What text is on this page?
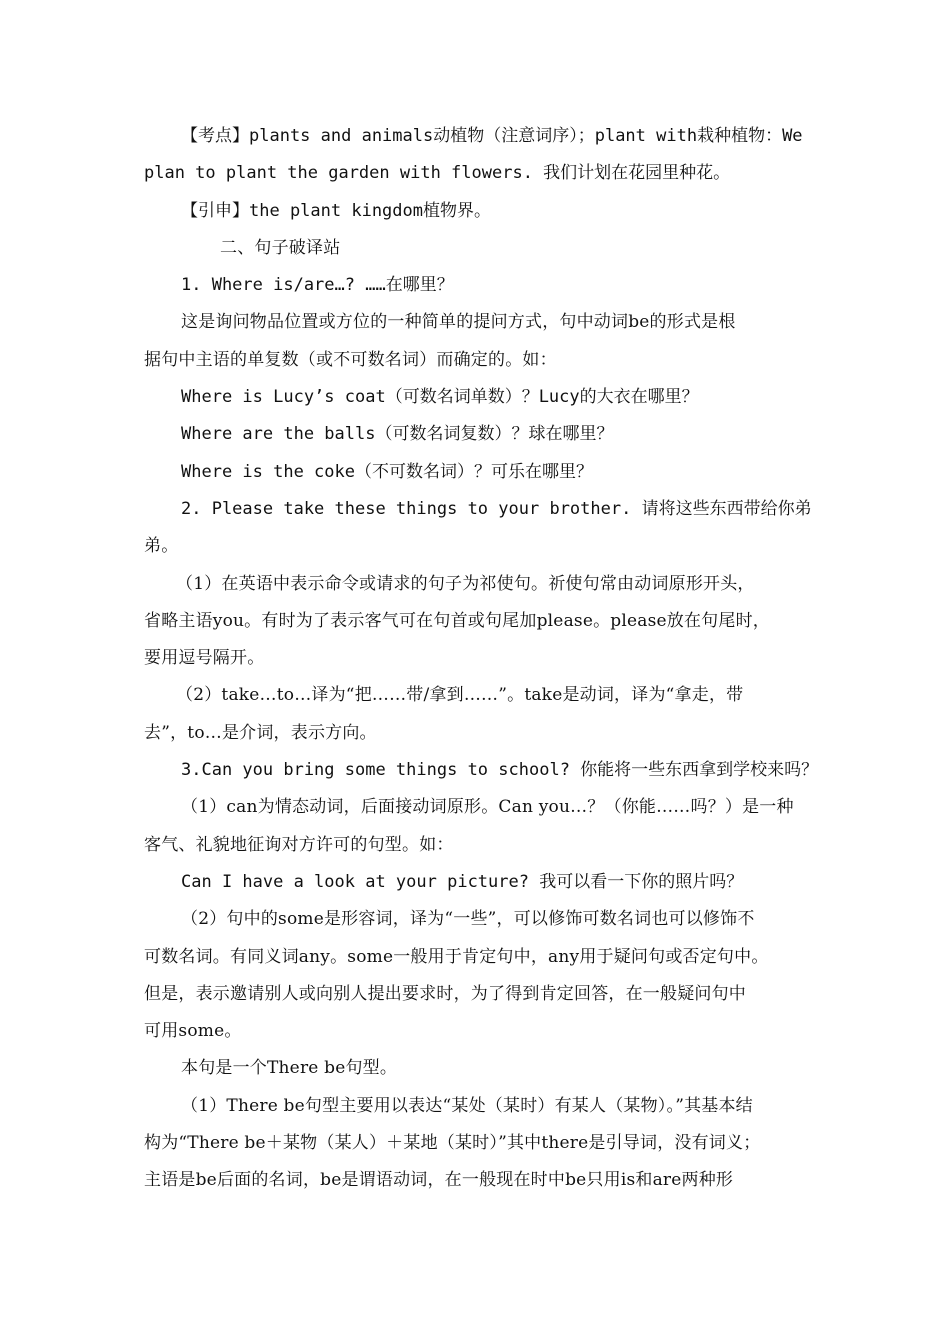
【考点】plants and animals动植物（注意词序）；plant with栽种植物：We
plan to plant the garden with flowers. 我们计划在花园里种花。
【引申】the plant kingdom植物界。
二、句子破译站
1. Where is/are…? ……在哪里？
这是询问物品位置或方位的一种简单的提问方式，句中动词be的形式是根
据句中主语的单复数（或不可数名词）而确定的。如：
Where is Lucy’s coat（可数名词单数）？Lucy的大衣在哪里？
Where are the balls（可数名词复数）？球在哪里？
Where is the coke（不可数名词）？可乐在哪里？
2. Please take these things to your brother. 请将这些东西带给你弟
弟。
（1）在英语中表示命令或请求的句子为祁使句。祈使句常由动词原形开头，
省略主语you。有时为了表示客气可在句首或句尾加please。please放在句尾时，
要用逗号隔开。
（2）take…to…译为“把……带/拿到……”。take是动词，译为“拿走，带
去”，to…是介词，表示方向。
3.Can you bring some things to school? 你能将一些东西拿到学校来吗？
（1）can为情态动词，后面接动词原形。Can you…？（你能……吗？）是一种
客气、礼貌地征询对方许可的句型。如：
Can I have a look at your picture? 我可以看一下你的照片吗？
（2）句中的some是形容词，译为“一些”，可以修饰可数名词也可以修饰不
可数名词。有同义词any。some一般用于肯定句中，any用于疑问句或否定句中。
但是，表示邀请别人或向别人提出要求时，为了得到肯定回答，在一般疑问句中
可用some。
本句是一个There be句型。
（1）There be句型主要用以表达“某处（某时）有某人（某物）。”其基本结
构为“There be＋某物（某人）＋某地（某时）”其中there是引导词，没有词义；
主语是be后面的名词，be是谓语动词，在一般现在时中be只用is和are两种形
